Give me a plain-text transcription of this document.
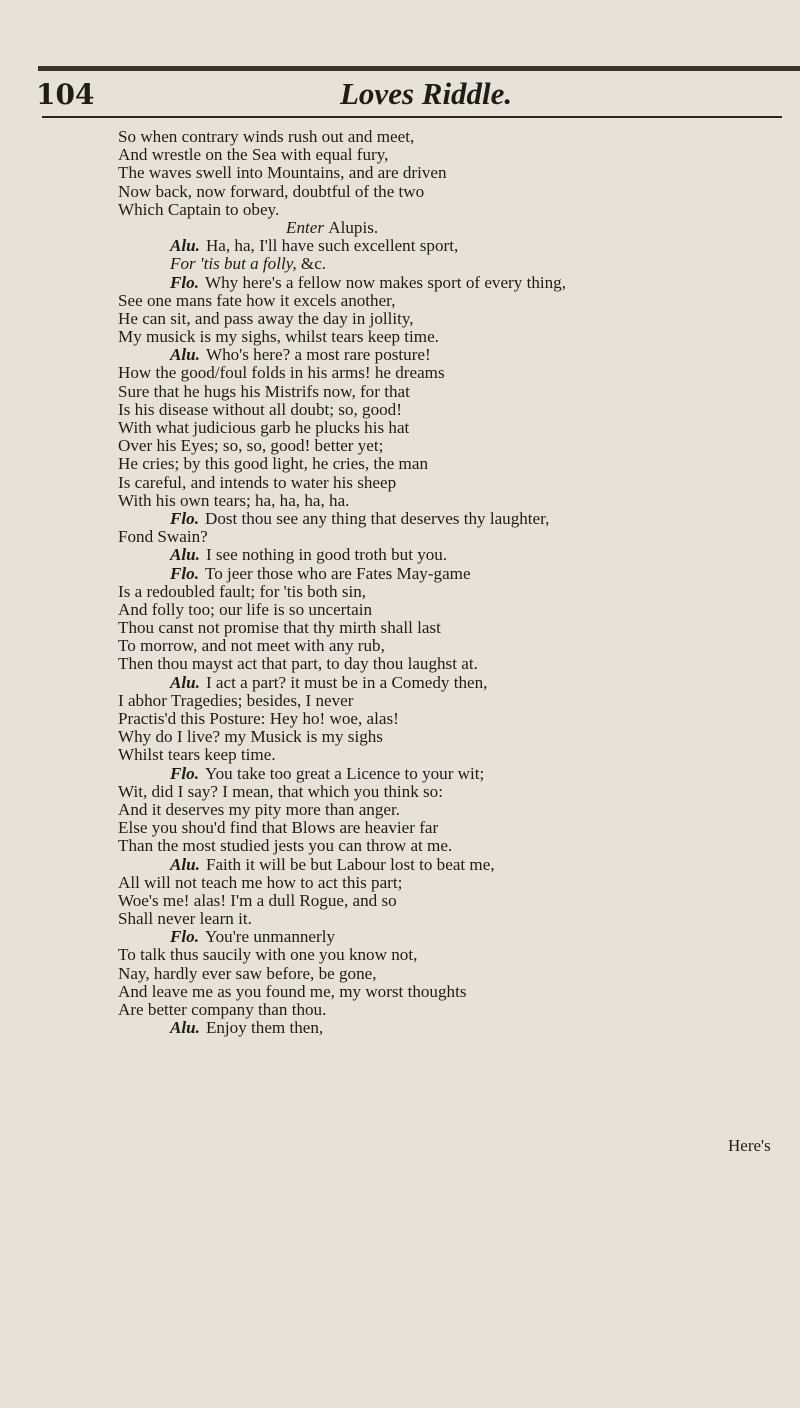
104	Loves Riddle.
So when contrary winds rush out and meet,
And wrestle on the Sea with equal fury,
The waves swell into Mountains, and are driven
Now back, now forward, doubtful of the two
Which Captain to obey.
Enter Alupis.
Alu. Ha, ha, I'll have such excellent sport,
For 'tis but a folly, &c.
Flo. Why here's a fellow now makes sport of every thing,
See one mans fate how it excels another,
He can sit, and pass away the day in jollity,
My musick is my sighs, whilst tears keep time.
Alu. Who's here? a most rare posture!
How the good/foul folds in his arms! he dreams
Sure that he hugs his Mistrifs now, for that
Is his disease without all doubt; so, good!
With what judicious garb he plucks his hat
Over his Eyes; so, so, good! better yet;
He cries; by this good light, he cries, the man
Is careful, and intends to water his sheep
With his own tears; ha, ha, ha, ha.
Flo. Dost thou see any thing that deserves thy laughter,
Fond Swain?
Alu. I see nothing in good troth but you.
Flo. To jeer those who are Fates May-game
Is a redoubled fault; for 'tis both sin,
And folly too; our life is so uncertain
Thou canst not promise that thy mirth shall last
To morrow, and not meet with any rub,
Then thou mayst act that part, to day thou laughst at.
Alu. I act a part? it must be in a Comedy then,
I abhor Tragedies; besides, I never
Practis'd this Posture: Hey ho! woe, alas!
Why do I live? my Musick is my sighs
Whilst tears keep time.
Flo. You take too great a Licence to your wit;
Wit, did I say? I mean, that which you think so:
And it deserves my pity more than anger.
Else you shou'd find that Blows are heavier far
Than the most studied jests you can throw at me.
Alu. Faith it will be but Labour lost to beat me,
All will not teach me how to act this part;
Woe's me! alas! I'm a dull Rogue, and so
Shall never learn it.
Flo. You're unmannerly
To talk thus saucily with one you know not,
Nay, hardly ever saw before, be gone,
And leave me as you found me, my worst thoughts
Are better company than thou.
Alu. Enjoy them then,
Here's
